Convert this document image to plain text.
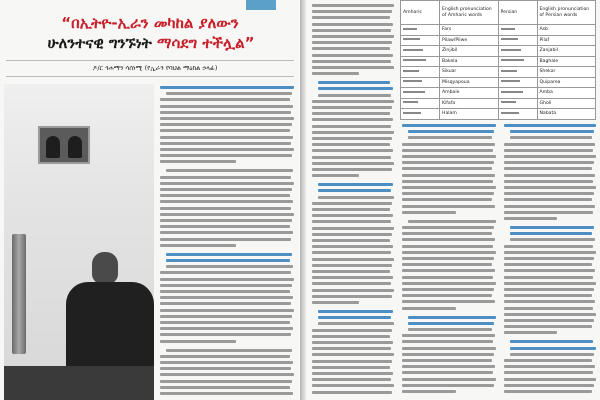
“በኢትዮ-ኢራን መካከል ያለውን
ሁለንተናዊ ግንኙነት ማሳደግ ተችሏል”
ዶ/ር ጎሐማን ሳሰነሚ (የኢራን የባህል ማዕከል ኃላፊ)
Amharic	English pronunciation of Amharic words	Persian	English pronunciation of Persian words
	Fars		Asb
	Pilaw/Pilwe		Pilaf
	Zinjibil		Zanjabil
	Bakela		Baghale
	Sikuar		Shekar
	Misqyapoua		Quiparea
	Ambaie		Amba
	Kifafa		Gholi
	Halam		Nabata
